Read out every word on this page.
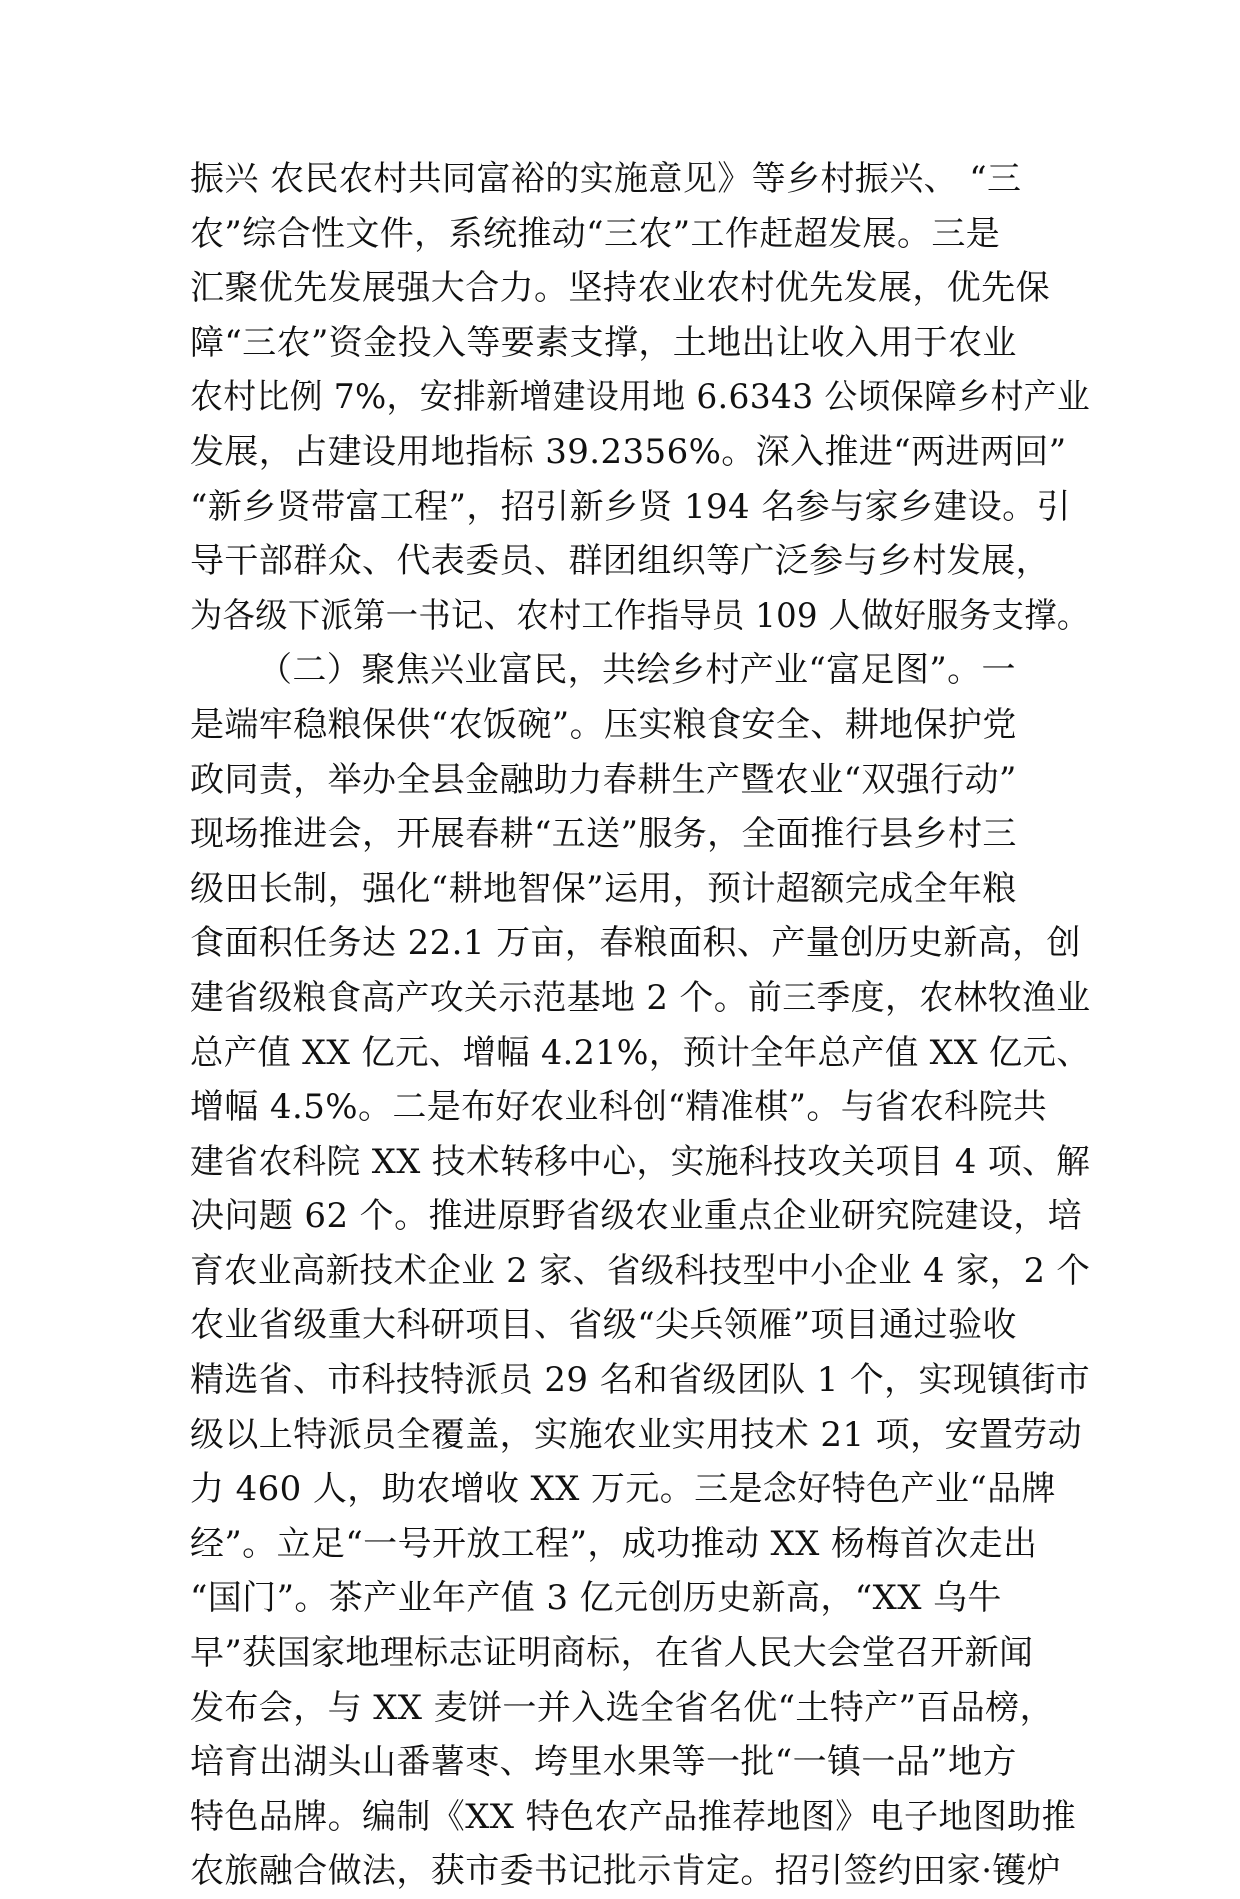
振兴 农民农村共同富裕的实施意见》等乡村振兴、 “三
农”综合性文件，系统推动“三农”工作赶超发展。三是
汇聚优先发展强大合力。坚持农业农村优先发展，优先保
障“三农”资金投入等要素支撑，土地出让收入用于农业
农村比例 7%，安排新增建设用地 6.6343 公顷保障乡村产业
发展，占建设用地指标 39.2356%。深入推进“两进两回”
“新乡贤带富工程”，招引新乡贤 194 名参与家乡建设。引
导干部群众、代表委员、群团组织等广泛参与乡村发展，
为各级下派第一书记、农村工作指导员 109 人做好服务支撑。
（二）聚焦兴业富民，共绘乡村产业“富足图”。一
是端牢稳粮保供“农饭碗”。压实粮食安全、耕地保护党
政同责，举办全县金融助力春耕生产暨农业“双强行动”
现场推进会，开展春耕“五送”服务，全面推行县乡村三
级田长制，强化“耕地智保”运用，预计超额完成全年粮
食面积任务达 22.1 万亩，春粮面积、产量创历史新高，创
建省级粮食高产攻关示范基地 2 个。前三季度，农林牧渔业
总产值 XX 亿元、增幅 4.21%，预计全年总产值 XX 亿元、
增幅 4.5%。二是布好农业科创“精准棋”。与省农科院共
建省农科院 XX 技术转移中心，实施科技攻关项目 4 项、解
决问题 62 个。推进原野省级农业重点企业研究院建设，培
育农业高新技术企业 2 家、省级科技型中小企业 4 家，2 个
农业省级重大科研项目、省级“尖兵领雁”项目通过验收
精选省、市科技特派员 29 名和省级团队 1 个，实现镇街市
级以上特派员全覆盖，实施农业实用技术 21 项，安置劳动
力 460 人，助农增收 XX 万元。三是念好特色产业“品牌
经”。立足“一号开放工程”，成功推动 XX 杨梅首次走出
“国门”。茶产业年产值 3 亿元创历史新高，“XX 乌牛
早”获国家地理标志证明商标，在省人民大会堂召开新闻
发布会，与 XX 麦饼一并入选全省名优“土特产”百品榜，
培育出湖头山番薯枣、垮里水果等一批“一镇一品”地方
特色品牌。编制《XX 特色农产品推荐地图》电子地图助推
农旅融合做法，获市委书记批示肯定。招引签约田家·镬炉
